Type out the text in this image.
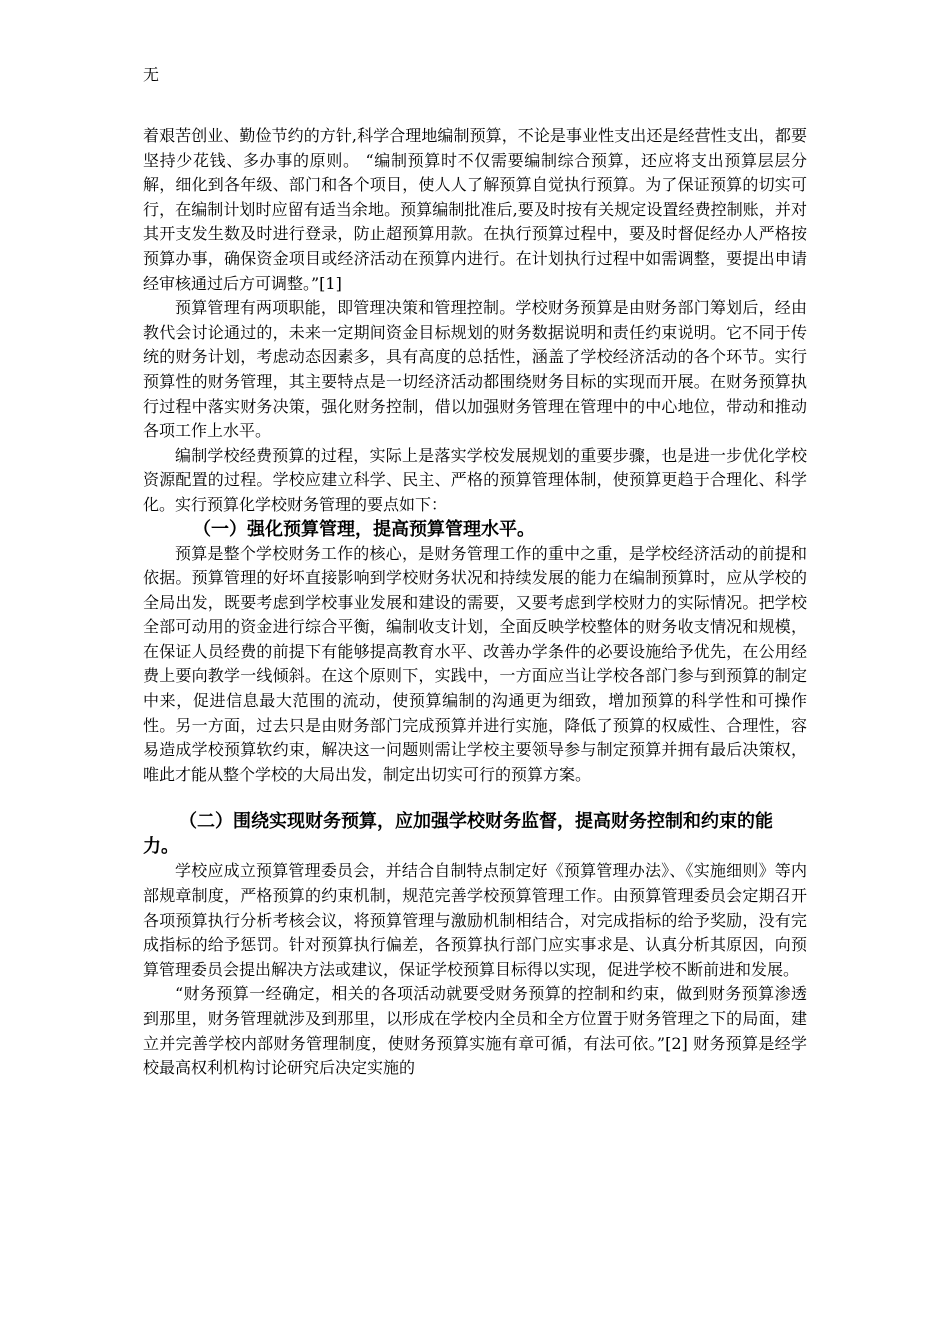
无

着艰苦创业、勤俭节约的方针,科学合理地编制预算，不论是事业性支出还是经营性支出，都要坚持少花钱、多办事的原则。 “编制预算时不仅需要编制综合预算，还应将支出预算层层分解，细化到各年级、部门和各个项目，使人人了解预算自觉执行预算。为了保证预算的切实可行，在编制计划时应留有适当余地。预算编制批准后,要及时按有关规定设置经费控制账，并对其开支发生数及时进行登录，防止超预算用款。在执行预算过程中，要及时督促经办人严格按预算办事，确保资金项目或经济活动在预算内进行。在计划执行过程中如需调整，要提出申请经审核通过后方可调整。”[1]

预算管理有两项职能，即管理决策和管理控制。学校财务预算是由财务部门筹划后，经由教代会讨论通过的，未来一定期间资金目标规划的财务数据说明和责任约束说明。它不同于传统的财务计划，考虑动态因素多，具有高度的总括性，涵盖了学校经济活动的各个环节。实行预算性的财务管理，其主要特点是一切经济活动都围绕财务目标的实现而开展。在财务预算执行过程中落实财务决策，强化财务控制，借以加强财务管理在管理中的中心地位，带动和推动各项工作上水平。

编制学校经费预算的过程，实际上是落实学校发展规划的重要步骤，也是进一步优化学校资源配置的过程。学校应建立科学、民主、严格的预算管理体制，使预算更趋于合理化、科学化。实行预算化学校财务管理的要点如下：

（一）强化预算管理，提高预算管理水平。

预算是整个学校财务工作的核心，是财务管理工作的重中之重，是学校经济活动的前提和依据。预算管理的好坏直接影响到学校财务状况和持续发展的能力在编制预算时，应从学校的全局出发，既要考虑到学校事业发展和建设的需要，又要考虑到学校财力的实际情况。把学校全部可动用的资金进行综合平衡，编制收支计划，全面反映学校整体的财务收支情况和规模，在保证人员经费的前提下有能够提高教育水平、改善办学条件的必要设施给予优先，在公用经费上要向教学一线倾斜。在这个原则下，实践中，一方面应当让学校各部门参与到预算的制定中来，促进信息最大范围的流动，使预算编制的沟通更为细致，增加预算的科学性和可操作性。另一方面，过去只是由财务部门完成预算并进行实施，降低了预算的权威性、合理性，容易造成学校预算软约束，解决这一问题则需让学校主要领导参与制定预算并拥有最后决策权，唯此才能从整个学校的大局出发，制定出切实可行的预算方案。

（二）围绕实现财务预算，应加强学校财务监督，提高财务控制和约束的能力。

学校应成立预算管理委员会，并结合自制特点制定好《预算管理办法》、《实施细则》等内部规章制度，严格预算的约束机制，规范完善学校预算管理工作。由预算管理委员会定期召开各项预算执行分析考核会议，将预算管理与激励机制相结合，对完成指标的给予奖励，没有完成指标的给予惩罚。针对预算执行偏差，各预算执行部门应实事求是、认真分析其原因，向预算管理委员会提出解决方法或建议，保证学校预算目标得以实现，促进学校不断前进和发展。

“财务预算一经确定，相关的各项活动就要受财务预算的控制和约束，做到财务预算渗透到那里，财务管理就涉及到那里，以形成在学校内全员和全方位置于财务管理之下的局面，建立并完善学校内部财务管理制度，使财务预算实施有章可循，有法可依。”[2] 财务预算是经学校最高权利机构讨论研究后决定实施的
